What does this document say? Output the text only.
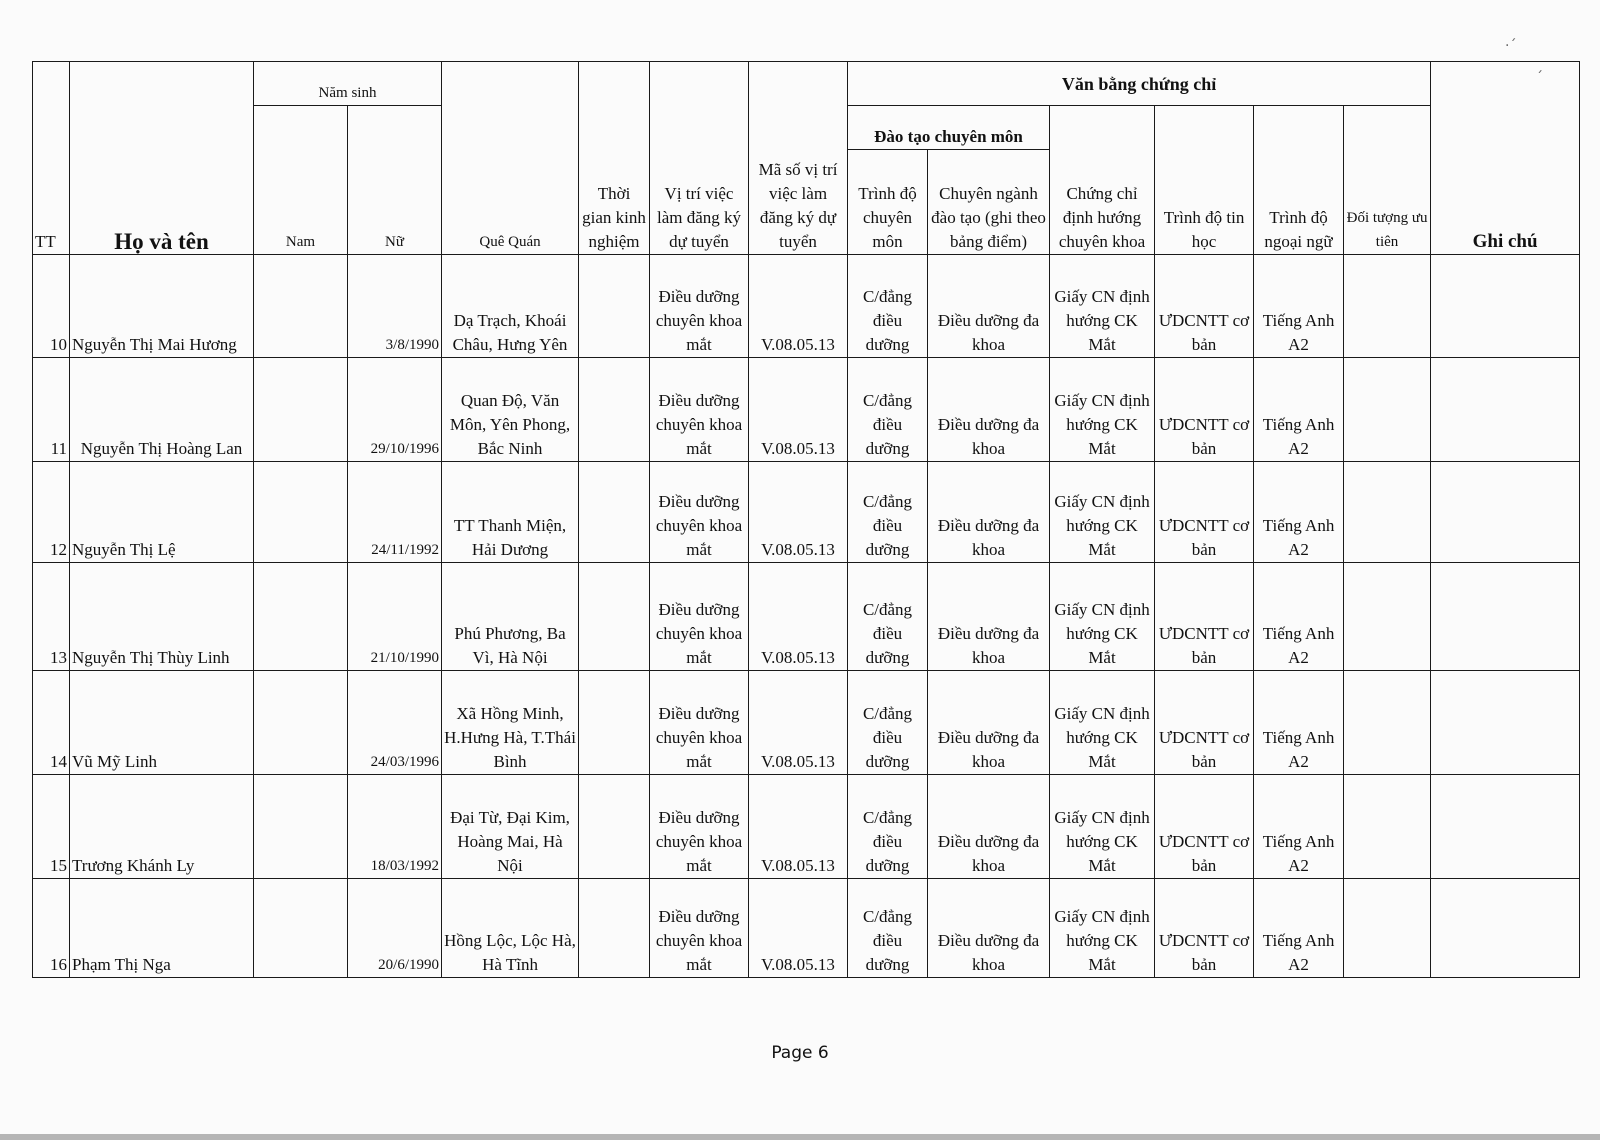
·ˊ
ˊ
TT	Họ và tên	Năm sinh		Quê Quán	Thời gian kinh nghiệm	Vị trí việc làm đăng ký dự tuyển	Mã số vị trí việc làm đăng ký dự tuyển	Văn bằng chứng chỉ						Ghi chú
		Nam	Nữ					Đào tạo chuyên môn		Chứng chỉ định hướng chuyên khoa	Trình độ tin học	Trình độ ngoại ngữ	Đối tượng ưu tiên	
								Trình độ chuyên môn	Chuyên ngành đào tạo (ghi theo bảng điểm)					
10	Nguyễn Thị Mai Hương		3/8/1990	Dạ Trạch, Khoái Châu, Hưng Yên		Điều dưỡng chuyên khoa mắt	V.08.05.13	C/đẳng điều dưỡng	Điều dưỡng đa khoa	Giấy CN định hướng CK Mắt	ƯDCNTT cơ bản	Tiếng Anh A2		
11	Nguyễn Thị Hoàng Lan		29/10/1996	Quan Độ, Văn Môn, Yên Phong, Bắc Ninh		Điều dưỡng chuyên khoa mắt	V.08.05.13	C/đẳng điều dưỡng	Điều dưỡng đa khoa	Giấy CN định hướng CK Mắt	ƯDCNTT cơ bản	Tiếng Anh A2		
12	Nguyễn Thị Lệ		24/11/1992	TT Thanh Miện, Hải Dương		Điều dưỡng chuyên khoa mắt	V.08.05.13	C/đẳng điều dưỡng	Điều dưỡng đa khoa	Giấy CN định hướng CK Mắt	ƯDCNTT cơ bản	Tiếng Anh A2		
13	Nguyễn Thị Thùy Linh		21/10/1990	Phú Phương, Ba Vì, Hà Nội		Điều dưỡng chuyên khoa mắt	V.08.05.13	C/đẳng điều dưỡng	Điều dưỡng đa khoa	Giấy CN định hướng CK Mắt	ƯDCNTT cơ bản	Tiếng Anh A2		
14	Vũ Mỹ Linh		24/03/1996	Xã Hồng Minh, H.Hưng Hà, T.Thái Bình		Điều dưỡng chuyên khoa mắt	V.08.05.13	C/đẳng điều dưỡng	Điều dưỡng đa khoa	Giấy CN định hướng CK Mắt	ƯDCNTT cơ bản	Tiếng Anh A2		
15	Trương Khánh Ly		18/03/1992	Đại Từ, Đại Kim, Hoàng Mai, Hà Nội		Điều dưỡng chuyên khoa mắt	V.08.05.13	C/đẳng điều dưỡng	Điều dưỡng đa khoa	Giấy CN định hướng CK Mắt	ƯDCNTT cơ bản	Tiếng Anh A2		
16	Phạm Thị Nga		20/6/1990	Hồng Lộc, Lộc Hà, Hà Tĩnh		Điều dưỡng chuyên khoa mắt	V.08.05.13	C/đẳng điều dưỡng	Điều dưỡng đa khoa	Giấy CN định hướng CK Mắt	ƯDCNTT cơ bản	Tiếng Anh A2		
Page 6
